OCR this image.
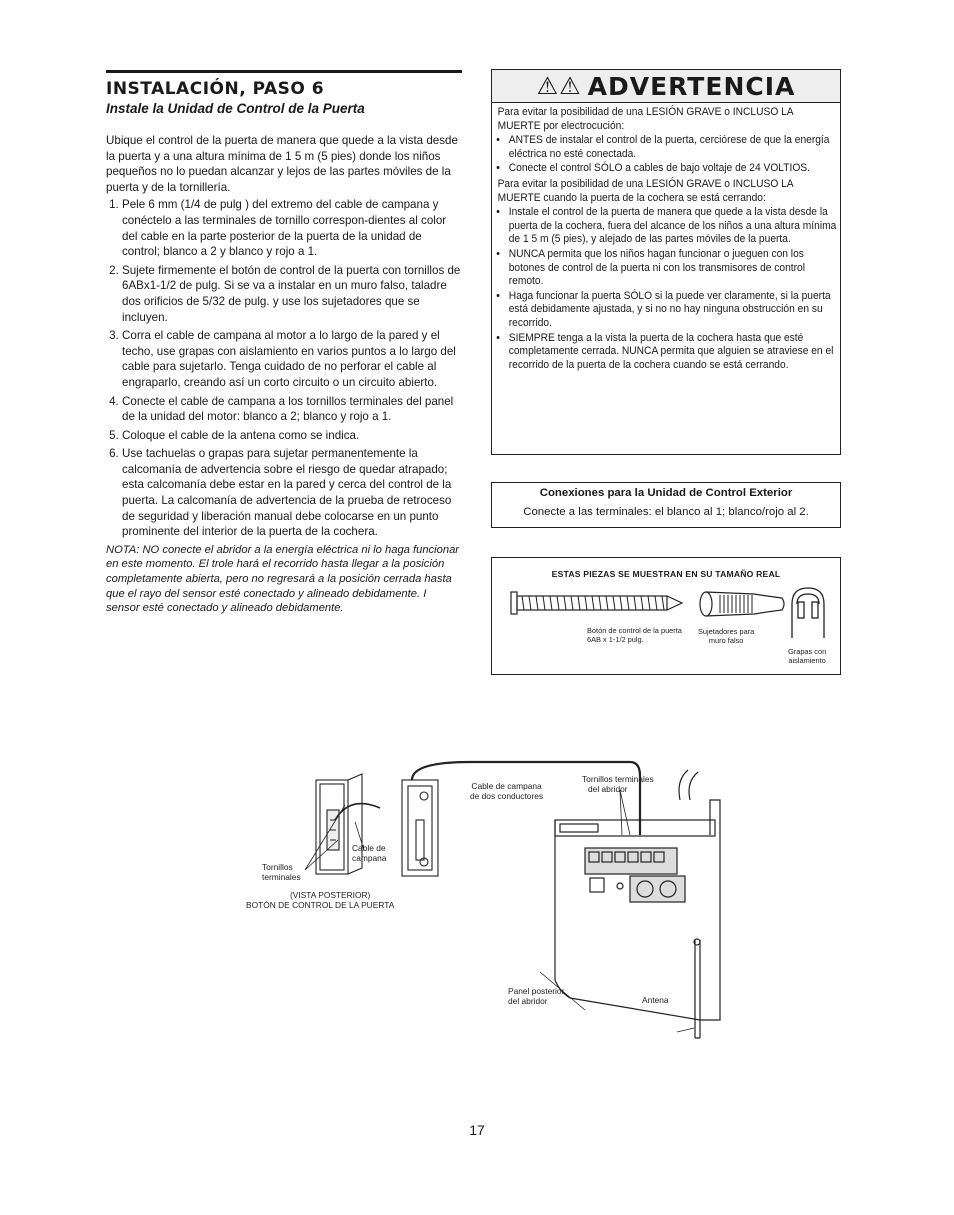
INSTALACIÓN, PASO 6
Instale la Unidad de Control de la Puerta
Ubique el control de la puerta de manera que quede a la vista desde la puerta y a una altura mínima de 1 5 m (5 pies) donde los niños pequeños no lo puedan alcanzar y lejos de las partes móviles de la puerta y de la tornillería.
1. Pele 6 mm (1/4 de pulg ) del extremo del cable de campana y conéctelo a las terminales de tornillo correspon-dientes al color del cable en la parte posterior de la puerta de la unidad de control; blanco a 2 y blanco y rojo a 1.
2. Sujete firmemente el botón de control de la puerta con tornillos de 6ABx1-1/2 de pulg. Si se va a instalar en un muro falso, taladre dos orificios de 5/32 de pulg. y use los sujetadores que se incluyen.
3. Corra el cable de campana al motor a lo largo de la pared y el techo, use grapas con aislamiento en varios puntos a lo largo del cable para sujetarlo. Tenga cuidado de no perforar el cable al engraparlo, creando así un corto circuito o un circuito abierto.
4. Conecte el cable de campana a los tornillos terminales del panel de la unidad del motor: blanco a 2; blanco y rojo a 1.
5. Coloque el cable de la antena como se indica.
6. Use tachuelas o grapas para sujetar permanentemente la calcomanía de advertencia sobre el riesgo de quedar atrapado; esta calcomanía debe estar en la pared y cerca del control de la puerta. La calcomanía de advertencia de la prueba de retroceso de seguridad y liberación manual debe colocarse en un punto prominente del interior de la puerta de la cochera.
NOTA: NO conecte el abridor a la energía eléctrica ni lo haga funcionar en este momento. El trole hará el recorrido hasta llegar a la posición completamente abierta, pero no regresará a la posición cerrada hasta que el rayo del sensor esté conectado y alineado debidamente. I sensor esté conectado y alineado debidamente.
⚠⚠ ADVERTENCIA

Para evitar la posibilidad de una LESIÓN GRAVE o INCLUSO LA MUERTE por electrocución:

• ANTES de instalar el control de la puerta, cerciórese de que la energía eléctrica no esté conectada.
• Conecte el control SÓLO a cables de bajo voltaje de 24 VOLTIOS.

Para evitar la posibilidad de una LESIÓN GRAVE o INCLUSO LA MUERTE cuando la puerta de la cochera se está cerrando:

• Instale el control de la puerta de manera que quede a la vista desde la puerta de la cochera, fuera del alcance de los niños a una altura mínima de 1 5 m (5 pies), y alejado de las partes móviles de la puerta.
• NUNCA permita que los niños hagan funcionar o jueguen con los botones de control de la puerta ni con los transmisores de control remoto.
• Haga funcionar la puerta SÓLO si la puede ver claramente, si la puerta está debidamente ajustada, y si no no hay ninguna obstrucción en su recorrido.
• SIEMPRE tenga a la vista la puerta de la cochera hasta que esté completamente cerrada. NUNCA permita que alguien se atraviese en el recorrido de la puerta de la cochera cuando se está cerrando.
Conexiones para la Unidad de Control Exterior
Conecte a las terminales: el blanco al 1; blanco/rojo al 2.
ESTAS PIEZAS SE MUESTRAN EN SU TAMAÑO REAL
Botón de control de la puerta
6AB x 1-1/2 pulg.
Sujetadores para
muro falso
Grapas con
aislamiento
Tornillos
terminales
Cable de
campana
(VISTA POSTERIOR)
BOTÓN DE CONTROL DE LA PUERTA
Cable de campana
de dos conductores
Tornillos terminales
del abridor
Panel posterior
del abridor	Antena
17
